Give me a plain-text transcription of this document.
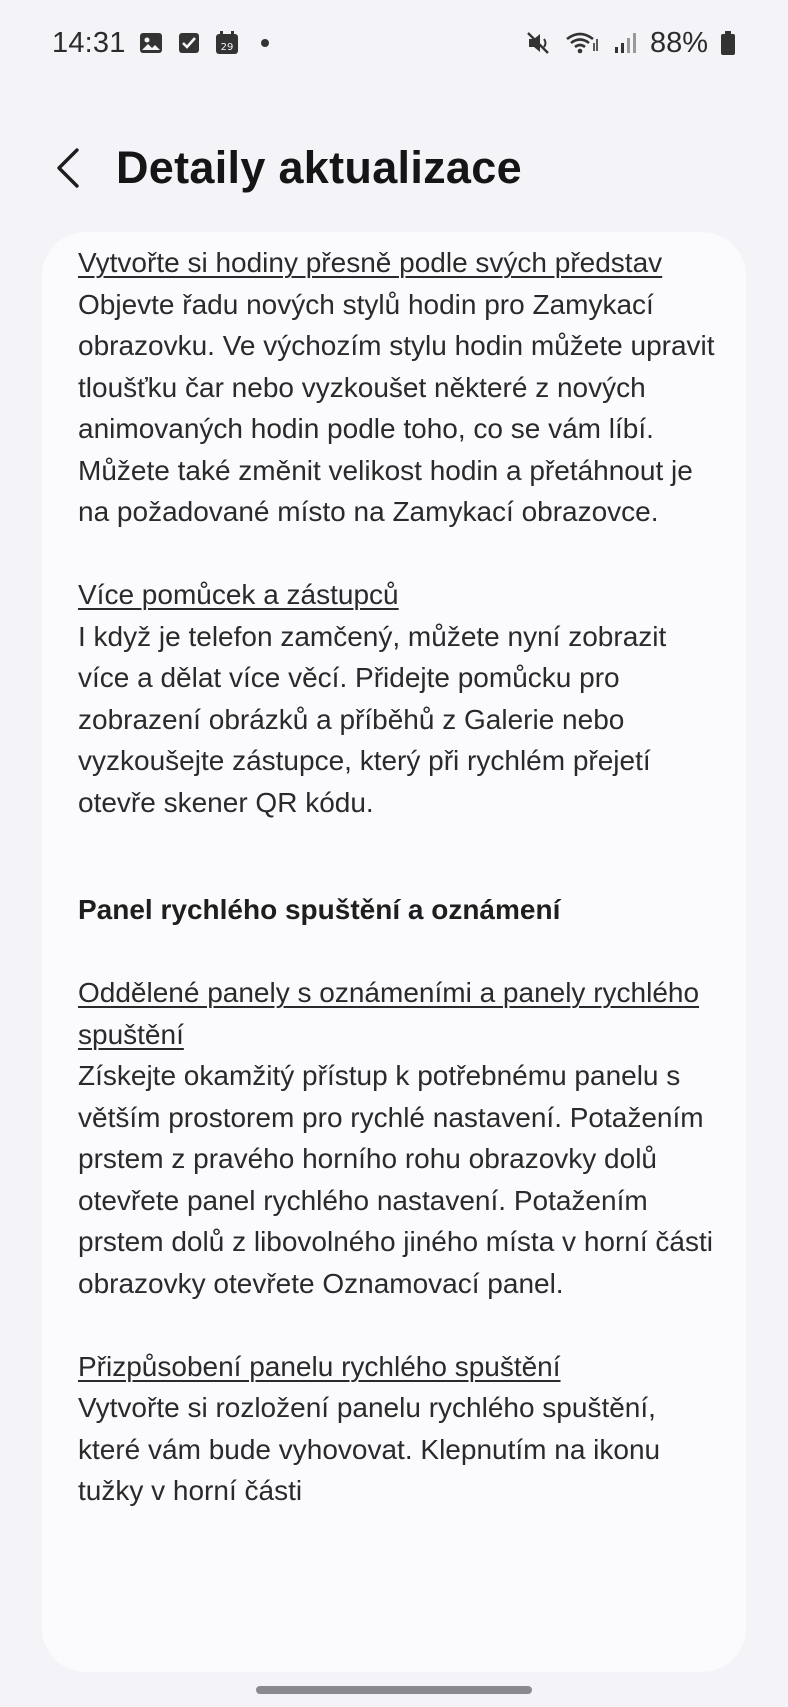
14:31	29	88%
Detaily aktualizace
Vytvořte si hodiny přesně podle svých představ
Objevte řadu nových stylů hodin pro Zamykací obrazovku. Ve výchozím stylu hodin můžete upravit tloušťku čar nebo vyzkoušet některé z nových animovaných hodin podle toho, co se vám líbí. Můžete také změnit velikost hodin a přetáhnout je na požadované místo na Zamykací obrazovce.
Více pomůcek a zástupců
I když je telefon zamčený, můžete nyní zobrazit více a dělat více věcí. Přidejte pomůcku pro zobrazení obrázků a příběhů z Galerie nebo vyzkoušejte zástupce, který při rychlém přejetí otevře skener QR kódu.
Panel rychlého spuštění a oznámení
Oddělené panely s oznámeními a panely rychlého spuštění
Získejte okamžitý přístup k potřebnému panelu s větším prostorem pro rychlé nastavení. Potažením prstem z pravého horního rohu obrazovky dolů otevřete panel rychlého nastavení. Potažením prstem dolů z libovolného jiného místa v horní části obrazovky otevřete Oznamovací panel.
Přizpůsobení panelu rychlého spuštění
Vytvořte si rozložení panelu rychlého spuštění, které vám bude vyhovovat. Klepnutím na ikonu tužky v horní části
